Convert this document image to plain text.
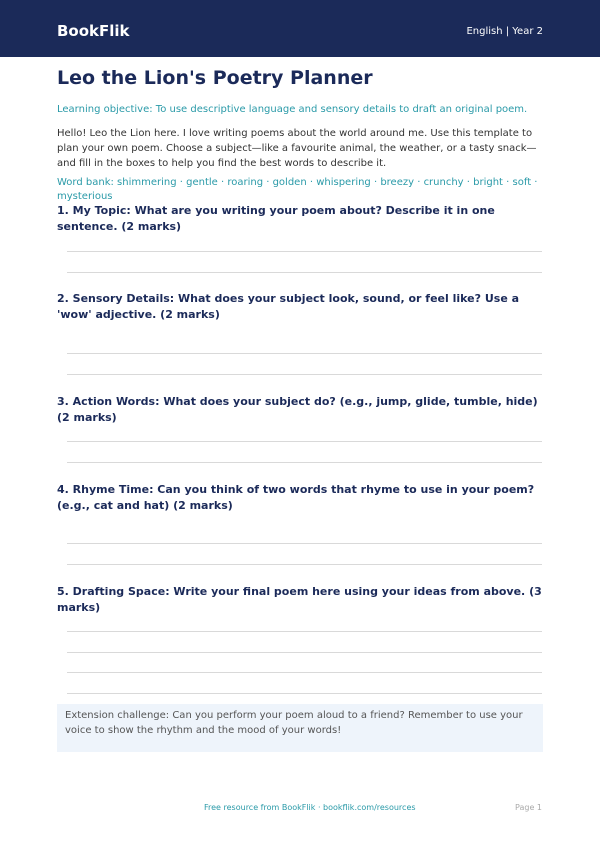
BookFlik	English | Year 2
Leo the Lion's Poetry Planner

Learning objective: To use descriptive language and sensory details to draft an original poem.

Hello! Leo the Lion here. I love writing poems about the world around me. Use this template to plan your own poem. Choose a subject—like a favourite animal, the weather, or a tasty snack—and fill in the boxes to help you find the best words to describe it.

Word bank: shimmering · gentle · roaring · golden · whispering · breezy · crunchy · bright · soft · mysterious

1. My Topic: What are you writing your poem about? Describe it in one sentence. (2 marks)
2. Sensory Details: What does your subject look, sound, or feel like? Use a 'wow' adjective. (2 marks)
3. Action Words: What does your subject do? (e.g., jump, glide, tumble, hide) (2 marks)
4. Rhyme Time: Can you think of two words that rhyme to use in your poem? (e.g., cat and hat) (2 marks)
5. Drafting Space: Write your final poem here using your ideas from above. (3 marks)
Extension challenge: Can you perform your poem aloud to a friend? Remember to use your voice to show the rhythm and the mood of your words!
Free resource from BookFlik · bookflik.com/resources	Page 1
